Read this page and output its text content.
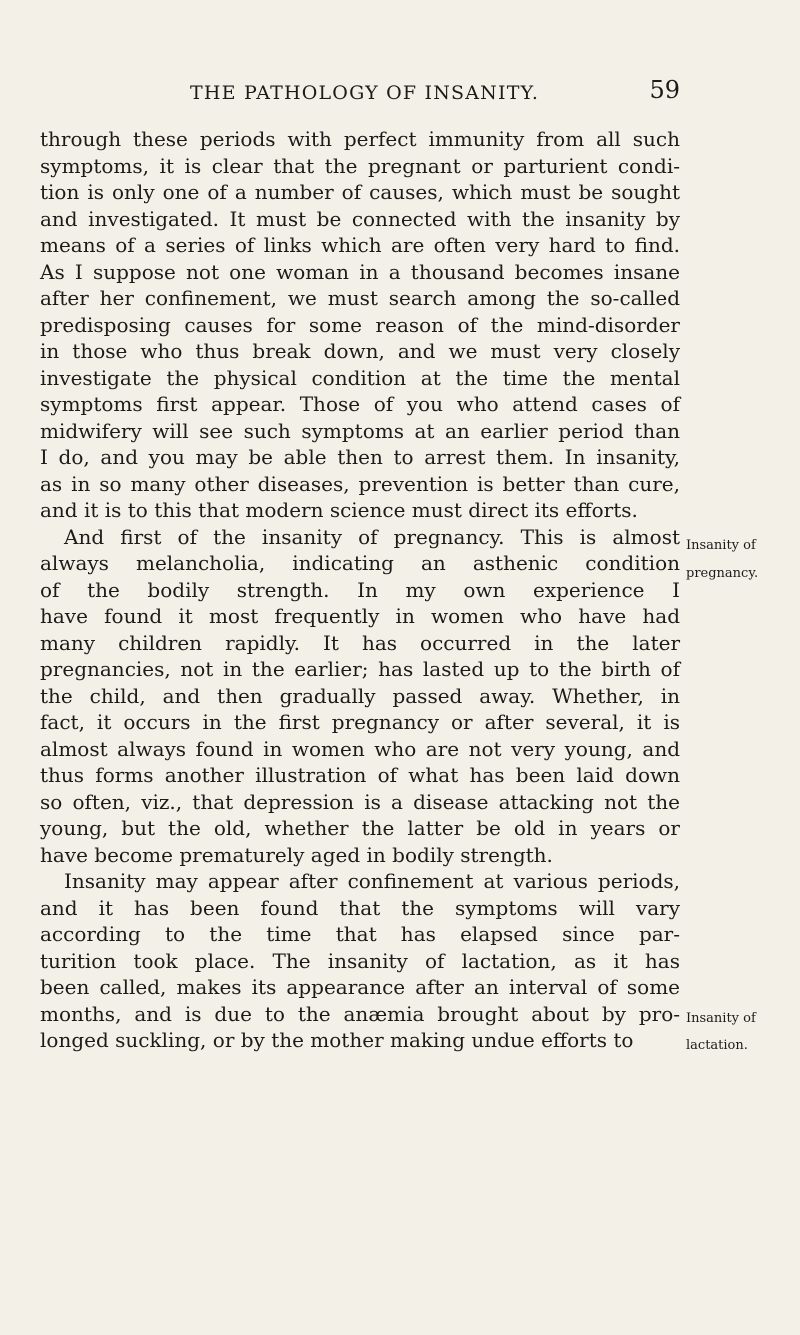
THE PATHOLOGY OF INSANITY.	59
through these periods with perfect immunity from all such
symptoms, it is clear that the pregnant or parturient condi-
tion is only one of a number of causes, which must be sought
and investigated. It must be connected with the insanity by
means of a series of links which are often very hard to find.
As I suppose not one woman in a thousand becomes insane
after her confinement, we must search among the so-called
predisposing causes for some reason of the mind-disorder
in those who thus break down, and we must very closely
investigate the physical condition at the time the mental
symptoms first appear. Those of you who attend cases of
midwifery will see such symptoms at an earlier period than
I do, and you may be able then to arrest them. In insanity,
as in so many other diseases, prevention is better than cure,
and it is to this that modern science must direct its efforts.
And first of the insanity of pregnancy. This is almost
always melancholia, indicating an asthenic condition
of the bodily strength. In my own experience I
have found it most frequently in women who have had
many children rapidly. It has occurred in the later
pregnancies, not in the earlier; has lasted up to the birth of
the child, and then gradually passed away. Whether, in
fact, it occurs in the first pregnancy or after several, it is
almost always found in women who are not very young, and
thus forms another illustration of what has been laid down
so often, viz., that depression is a disease attacking not the
young, but the old, whether the latter be old in years or
have become prematurely aged in bodily strength.
Insanity may appear after confinement at various periods,
and it has been found that the symptoms will vary
according to the time that has elapsed since par-
turition took place. The insanity of lactation, as it has
been called, makes its appearance after an interval of some
months, and is due to the anæmia brought about by pro-
longed suckling, or by the mother making undue efforts to
Insanity of
pregnancy.
Insanity of
lactation.
